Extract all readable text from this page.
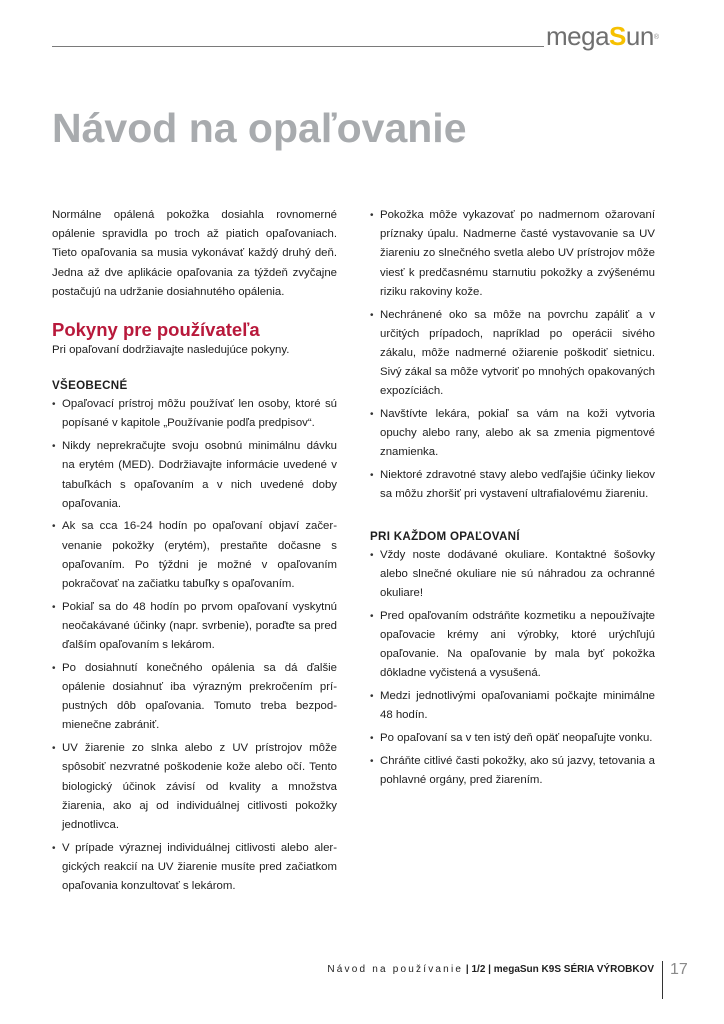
megaSun®
Návod na opaľovanie

Normálne opálená pokožka dosiahla rovnomerné opálenie spravidla po troch až piatich opaľovaniach. Tieto opaľovania sa musia vykonávať každý druhý deň. Jedna až dve aplikácie opaľovania za týždeň zvyčajne postačujú na udržanie dosiahnutého opálenia.

Pokyny pre používateľa

Pri opaľovaní dodržiavajte nasledujúce pokyny.

VŠEOBECNÉ
• Opaľovací prístroj môžu používať len osoby, ktoré sú popísané v kapitole „Používanie podľa predpisov“.
• Nikdy neprekračujte svoju osobnú minimálnu dávku na erytém (MED). Dodržiavajte informácie uvedené v tabuľkách s opaľovaním a v nich uvedené doby opaľovania.
• Ak sa cca 16-24 hodín po opaľovaní objaví začervenanie pokožky (erytém), prestaňte dočasne s opaľovaním. Po týždni je možné v opaľovaním pokračovať na začiatku tabuľky s opaľovaním.
• Pokiaľ sa do 48 hodín po prvom opaľovaní vyskytnú neočakávané účinky (napr. svrbenie), poraďte sa pred ďalším opaľovaním s lekárom.
• Po dosiahnutí konečného opálenia sa dá ďalšie opálenie dosiahnuť iba výrazným prekročením prípustných dôb opaľovania. Tomuto treba bezpodmienečne zabrániť.
• UV žiarenie zo slnka alebo z UV prístrojov môže spôsobiť nezvratné poškodenie kože alebo očí. Tento biologický účinok závisí od kvality a množstva žiarenia, ako aj od individuálnej citlivosti pokožky jednotlivca.
• V prípade výraznej individuálnej citlivosti alebo alergických reakcií na UV žiarenie musíte pred začiatkom opaľovania konzultovať s lekárom.
• Pokožka môže vykazovať po nadmernom ožarovaní príznaky úpalu. Nadmerne časté vystavovanie sa UV žiareniu zo slnečného svetla alebo UV prístrojov môže viesť k predčasnému starnutiu pokožky a zvýšenému riziku rakoviny kože.
• Nechránené oko sa môže na povrchu zapáliť a v určitých prípadoch, napríklad po operácii sivého zákalu, môže nadmerné ožiarenie poškodiť sietnicu. Sivý zákal sa môže vytvoriť po mnohých opakovaných expozíciách.
• Navštívte lekára, pokiaľ sa vám na koži vytvoria opuchy alebo rany, alebo ak sa zmenia pigmentové znamienka.
• Niektoré zdravotné stavy alebo vedľajšie účinky liekov sa môžu zhoršiť pri vystavení ultrafialovému žiareniu.
PRI KAŽDOM OPAĽOVANÍ
• Vždy noste dodávané okuliare. Kontaktné šošovky alebo slnečné okuliare nie sú náhradou za ochranné okuliare!
• Pred opaľovaním odstráňte kozmetiku a nepoužívajte opaľovacie krémy ani výrobky, ktoré urýchľujú opaľovanie. Na opaľovanie by mala byť pokožka dôkladne vyčistená a vysušená.
• Medzi jednotlivými opaľovaniami počkajte minimálne 48 hodín.
• Po opaľovaní sa v ten istý deň opäť neopaľujte vonku.
• Chráňte citlivé časti pokožky, ako sú jazvy, tetovania a pohlavné orgány, pred žiarením.
Návod na používanie | 1/2 | megaSun K9S SÉRIA VÝROBKOV 17
